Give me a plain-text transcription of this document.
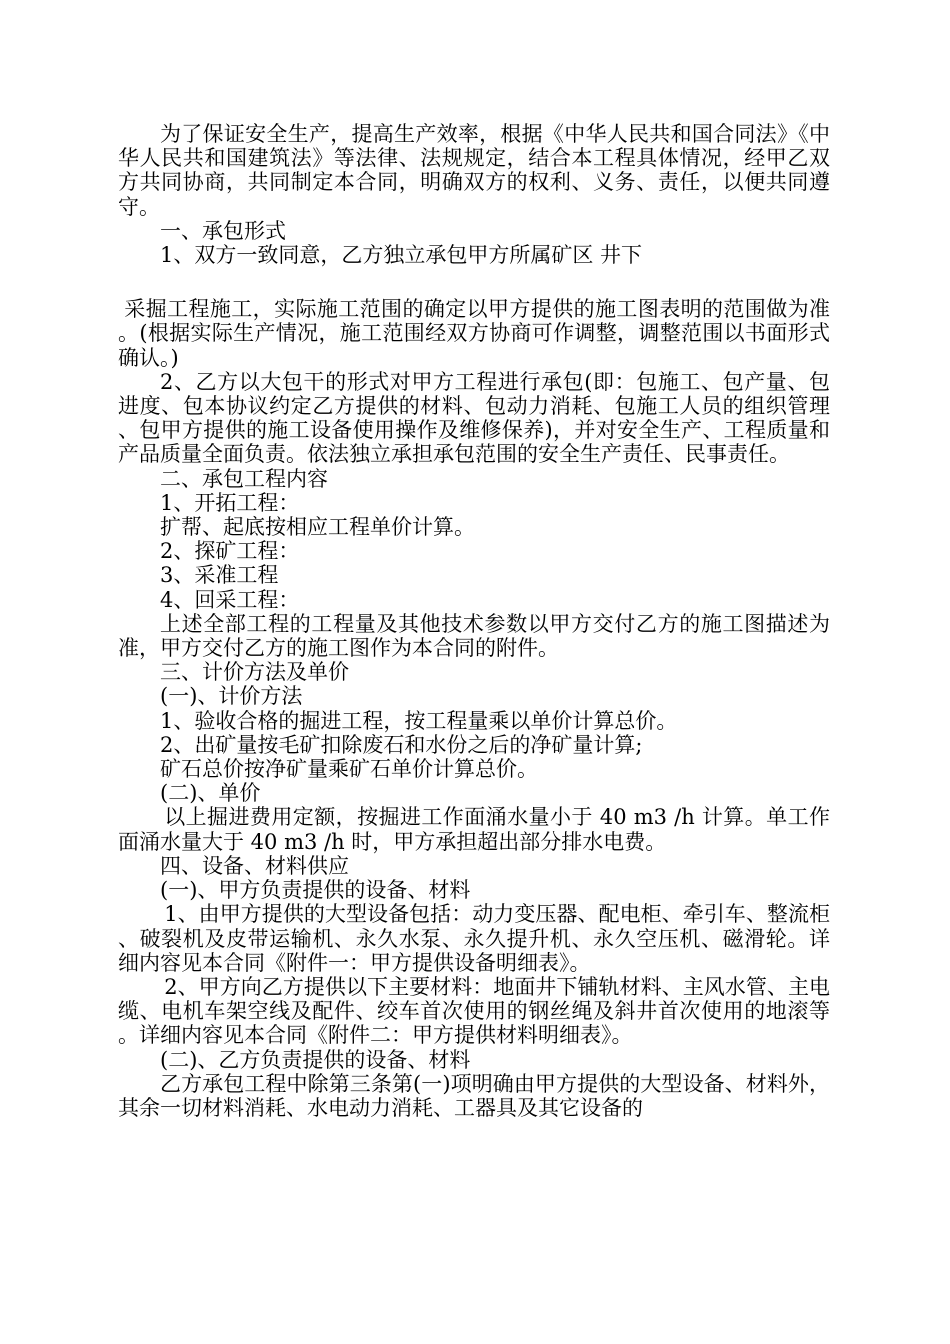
为了保证安全生产，提高生产效率，根据《中华人民共和国合同法》《中华人民共和国建筑法》等法律、法规规定，结合本工程具体情况，经甲乙双方共同协商，共同制定本合同，明确双方的权利、义务、责任，以便共同遵守。

一、承包形式

1、双方一致同意，乙方独立承包甲方所属矿区 井下

采掘工程施工，实际施工范围的确定以甲方提供的施工图表明的范围做为准。(根据实际生产情况，施工范围经双方协商可作调整，调整范围以书面形式确认。)

2、乙方以大包干的形式对甲方工程进行承包(即：包施工、包产量、包进度、包本协议约定乙方提供的材料、包动力消耗、包施工人员的组织管理、包甲方提供的施工设备使用操作及维修保养)，并对安全生产、工程质量和产品质量全面负责。依法独立承担承包范围的安全生产责任、民事责任。

二、承包工程内容

1、开拓工程：

扩帮、起底按相应工程单价计算。

2、探矿工程：

3、采准工程

4、回采工程：

上述全部工程的工程量及其他技术参数以甲方交付乙方的施工图描述为准，甲方交付乙方的施工图作为本合同的附件。

三、计价方法及单价

(一)、计价方法

1、验收合格的掘进工程，按工程量乘以单价计算总价。

2、出矿量按毛矿扣除废石和水份之后的净矿量计算;

矿石总价按净矿量乘矿石单价计算总价。

(二)、单价

以上掘进费用定额，按掘进工作面涌水量小于 40 m3 /h 计算。单工作面涌水量大于 40 m3 /h 时，甲方承担超出部分排水电费。

四、设备、材料供应

(一)、甲方负责提供的设备、材料

1、由甲方提供的大型设备包括：动力变压器、配电柜、牵引车、整流柜、破裂机及皮带运输机、永久水泵、永久提升机、永久空压机、磁滑轮。详细内容见本合同《附件一：甲方提供设备明细表》。

2、甲方向乙方提供以下主要材料：地面井下铺轨材料、主风水管、主电缆、电机车架空线及配件、绞车首次使用的钢丝绳及斜井首次使用的地滚等。详细内容见本合同《附件二：甲方提供材料明细表》。

(二)、乙方负责提供的设备、材料

乙方承包工程中除第三条第(一)项明确由甲方提供的大型设备、材料外，其余一切材料消耗、水电动力消耗、工器具及其它设备的
